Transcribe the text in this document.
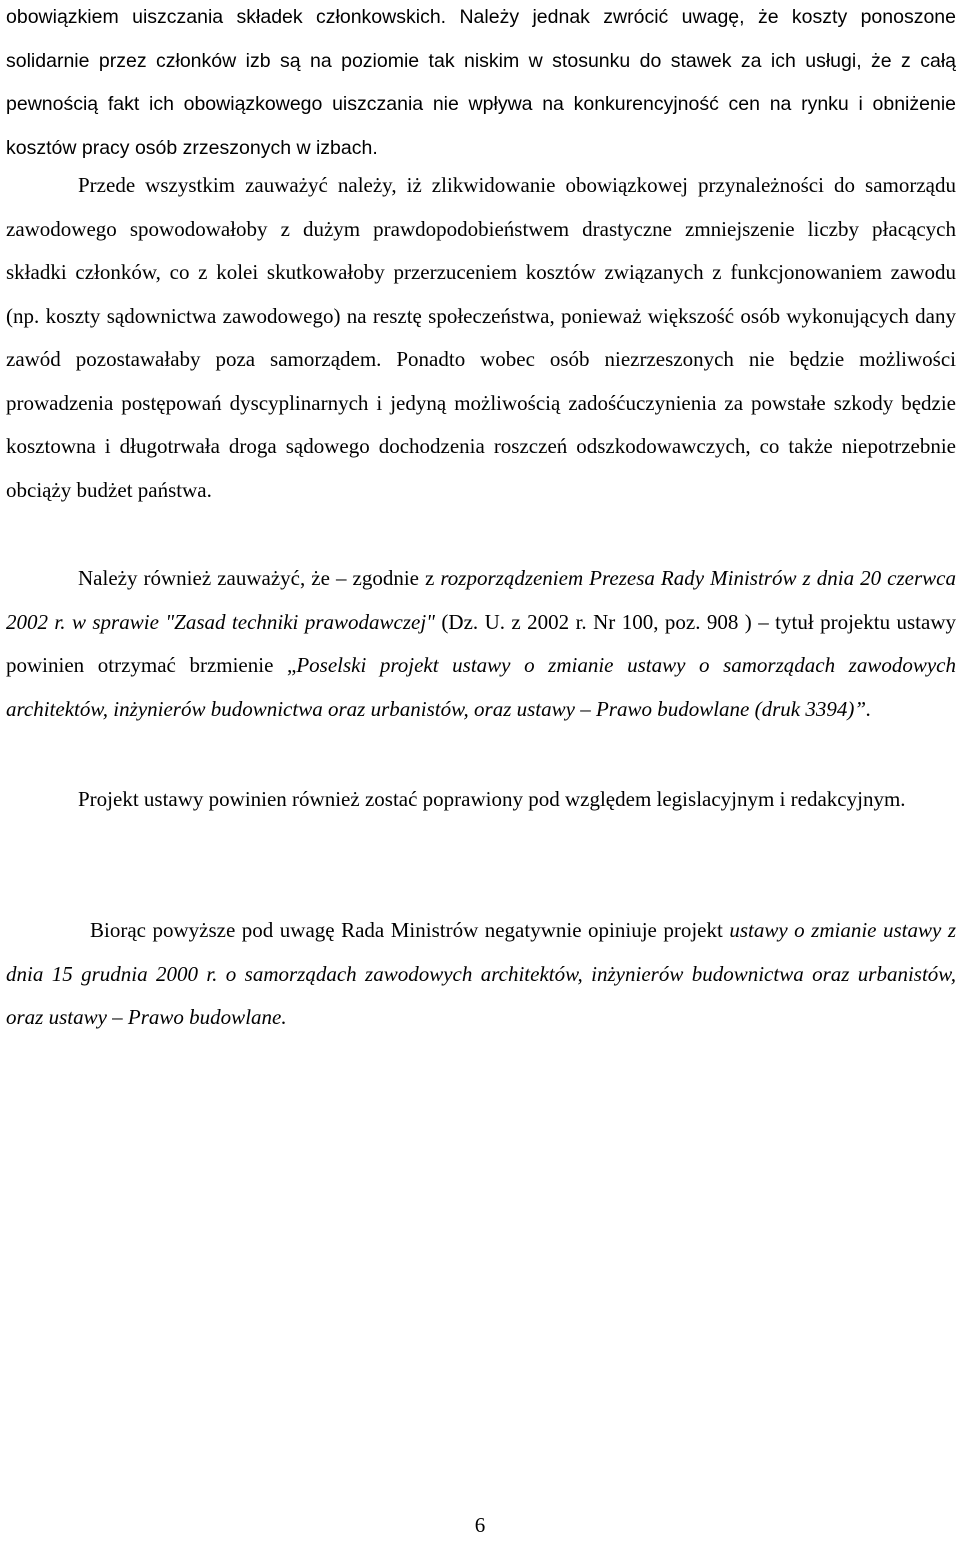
obowiązkiem uiszczania składek członkowskich. Należy jednak zwrócić uwagę, że koszty ponoszone solidarnie przez członków izb są na poziomie tak niskim w stosunku do stawek za ich usługi, że z całą pewnością fakt ich obowiązkowego uiszczania nie wpływa na konkurencyjność cen na rynku i obniżenie kosztów pracy osób zrzeszonych w izbach.

Przede wszystkim zauważyć należy, iż zlikwidowanie obowiązkowej przynależności do samorządu zawodowego spowodowałoby z dużym prawdopodobieństwem drastyczne zmniejszenie liczby płacących składki członków, co z kolei skutkowałoby przerzuceniem kosztów związanych z funkcjonowaniem zawodu (np. koszty sądownictwa zawodowego) na resztę społeczeństwa, ponieważ większość osób wykonujących dany zawód pozostawałaby poza samorządem. Ponadto wobec osób niezrzeszonych nie będzie możliwości prowadzenia postępowań dyscyplinarnych i jedyną możliwością zadośćuczynienia za powstałe szkody będzie kosztowna i długotrwała droga sądowego dochodzenia roszczeń odszkodowawczych, co także niepotrzebnie obciąży budżet państwa.

Należy również zauważyć, że – zgodnie z rozporządzeniem Prezesa Rady Ministrów z dnia 20 czerwca 2002 r. w sprawie "Zasad techniki prawodawczej" (Dz. U. z 2002 r. Nr 100, poz. 908 ) – tytuł projektu ustawy powinien otrzymać brzmienie „Poselski projekt ustawy o zmianie ustawy o samorządach zawodowych architektów, inżynierów budownictwa oraz urbanistów, oraz ustawy – Prawo budowlane (druk 3394)”.

Projekt ustawy powinien również zostać poprawiony pod względem legislacyjnym i redakcyjnym.

Biorąc powyższe pod uwagę Rada Ministrów negatywnie opiniuje projekt ustawy o zmianie ustawy z dnia 15 grudnia 2000 r. o samorządach zawodowych architektów, inżynierów budownictwa oraz urbanistów, oraz ustawy – Prawo budowlane.

6
